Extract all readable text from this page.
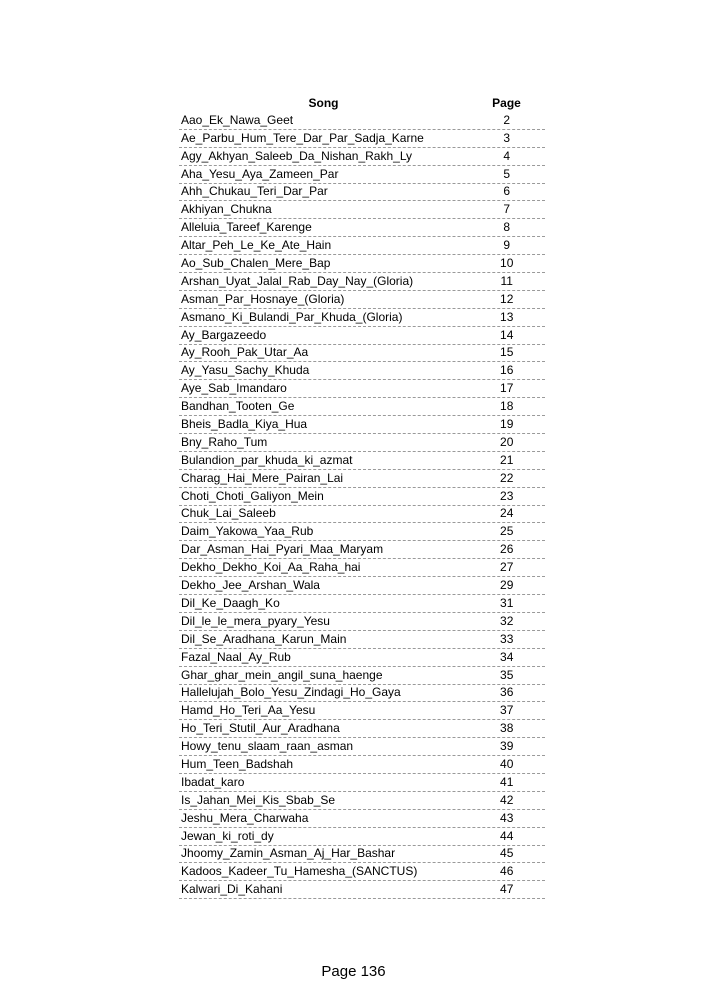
Song	Page
Aao_Ek_Nawa_Geet	2
Ae_Parbu_Hum_Tere_Dar_Par_Sadja_Karne	3
Agy_Akhyan_Saleeb_Da_Nishan_Rakh_Ly	4
Aha_Yesu_Aya_Zameen_Par	5
Ahh_Chukau_Teri_Dar_Par	6
Akhiyan_Chukna	7
Alleluia_Tareef_Karenge	8
Altar_Peh_Le_Ke_Ate_Hain	9
Ao_Sub_Chalen_Mere_Bap	10
Arshan_Uyat_Jalal_Rab_Day_Nay_(Gloria)	11
Asman_Par_Hosnaye_(Gloria)	12
Asmano_Ki_Bulandi_Par_Khuda_(Gloria)	13
Ay_Bargazeedo	14
Ay_Rooh_Pak_Utar_Aa	15
Ay_Yasu_Sachy_Khuda	16
Aye_Sab_Imandaro	17
Bandhan_Tooten_Ge	18
Bheis_Badla_Kiya_Hua	19
Bny_Raho_Tum	20
Bulandion_par_khuda_ki_azmat	21
Charag_Hai_Mere_Pairan_Lai	22
Choti_Choti_Galiyon_Mein	23
Chuk_Lai_Saleeb	24
Daim_Yakowa_Yaa_Rub	25
Dar_Asman_Hai_Pyari_Maa_Maryam	26
Dekho_Dekho_Koi_Aa_Raha_hai	27
Dekho_Jee_Arshan_Wala	29
Dil_Ke_Daagh_Ko	31
Dil_le_le_mera_pyary_Yesu	32
Dil_Se_Aradhana_Karun_Main	33
Fazal_Naal_Ay_Rub	34
Ghar_ghar_mein_angil_suna_haenge	35
Hallelujah_Bolo_Yesu_Zindagi_Ho_Gaya	36
Hamd_Ho_Teri_Aa_Yesu	37
Ho_Teri_Stutil_Aur_Aradhana	38
Howy_tenu_slaam_raan_asman	39
Hum_Teen_Badshah	40
Ibadat_karo	41
Is_Jahan_Mei_Kis_Sbab_Se	42
Jeshu_Mera_Charwaha	43
Jewan_ki_roti_dy	44
Jhoomy_Zamin_Asman_Aj_Har_Bashar	45
Kadoos_Kadeer_Tu_Hamesha_(SANCTUS)	46
Kalwari_Di_Kahani	47
Page 136
